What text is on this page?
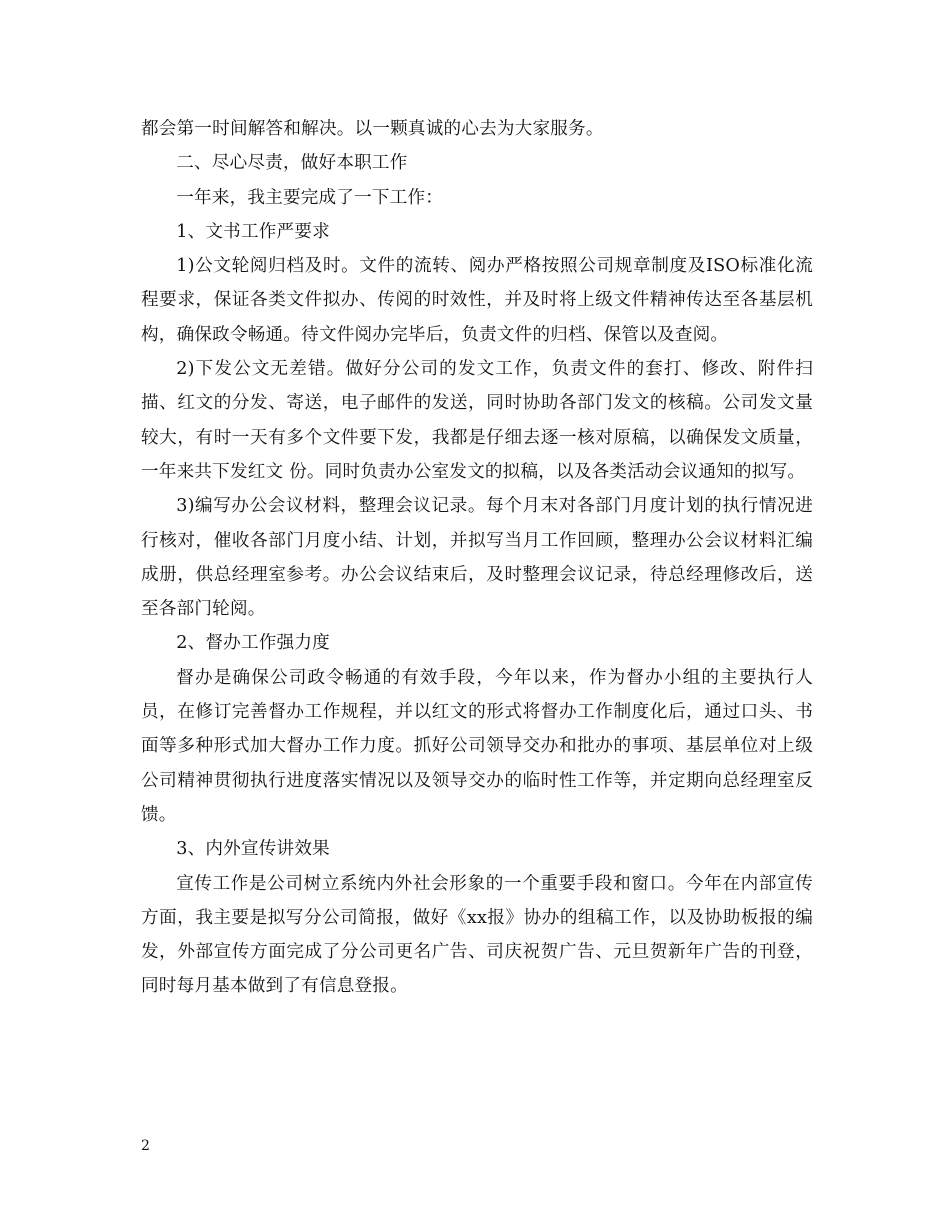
都会第一时间解答和解决。以一颗真诚的心去为大家服务。

二、尽心尽责，做好本职工作

一年来，我主要完成了一下工作：

1、文书工作严要求

1)公文轮阅归档及时。文件的流转、阅办严格按照公司规章制度及ISO标准化流程要求，保证各类文件拟办、传阅的时效性，并及时将上级文件精神传达至各基层机构，确保政令畅通。待文件阅办完毕后，负责文件的归档、保管以及查阅。

2)下发公文无差错。做好分公司的发文工作，负责文件的套打、修改、附件扫描、红文的分发、寄送，电子邮件的发送，同时协助各部门发文的核稿。公司发文量较大，有时一天有多个文件要下发，我都是仔细去逐一核对原稿，以确保发文质量，一年来共下发红文 份。同时负责办公室发文的拟稿，以及各类活动会议通知的拟写。

3)编写办公会议材料，整理会议记录。每个月末对各部门月度计划的执行情况进行核对，催收各部门月度小结、计划，并拟写当月工作回顾，整理办公会议材料汇编成册，供总经理室参考。办公会议结束后，及时整理会议记录，待总经理修改后，送至各部门轮阅。

2、督办工作强力度

督办是确保公司政令畅通的有效手段，今年以来，作为督办小组的主要执行人员，在修订完善督办工作规程，并以红文的形式将督办工作制度化后，通过口头、书面等多种形式加大督办工作力度。抓好公司领导交办和批办的事项、基层单位对上级公司精神贯彻执行进度落实情况以及领导交办的临时性工作等，并定期向总经理室反馈。

3、内外宣传讲效果

宣传工作是公司树立系统内外社会形象的一个重要手段和窗口。今年在内部宣传方面，我主要是拟写分公司简报，做好《xx报》协办的组稿工作，以及协助板报的编发，外部宣传方面完成了分公司更名广告、司庆祝贺广告、元旦贺新年广告的刊登，同时每月基本做到了有信息登报。

2
